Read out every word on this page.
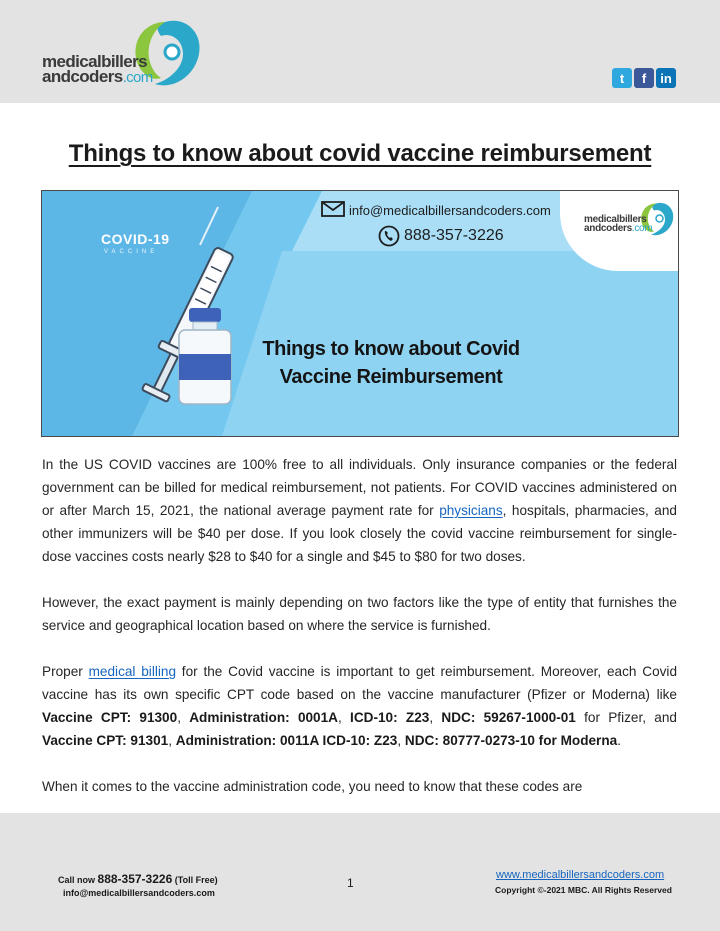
medicalbillers
andcoders.com	t	f	in
Things to know about covid vaccine reimbursement
COVID-19
VACCINE
info@medicalbillersandcoders.com
888-357-3226
Things to know about Covid
Vaccine Reimbursement
medicalbillers
andcoders.com

In the US COVID vaccines are 100% free to all individuals. Only insurance companies or the federal government can be billed for medical reimbursement, not patients. For COVID vaccines administered on or after March 15, 2021, the national average payment rate for physicians, hospitals, pharmacies, and other immunizers will be $40 per dose. If you look closely the covid vaccine reimbursement for single-dose vaccines costs nearly $28 to $40 for a single and $45 to $80 for two doses.

However, the exact payment is mainly depending on two factors like the type of entity that furnishes the service and geographical location based on where the service is furnished.

Proper medical billing for the Covid vaccine is important to get reimbursement. Moreover, each Covid vaccine has its own specific CPT code based on the vaccine manufacturer (Pfizer or Moderna) like Vaccine CPT: 91300, Administration: 0001A, ICD-10: Z23, NDC: 59267-1000-01 for Pfizer, and Vaccine CPT: 91301, Administration: 0011A ICD-10: Z23, NDC: 80777-0273-10 for Moderna.

When it comes to the vaccine administration code, you need to know that these codes are

Call now 888-357-3226 (Toll Free)
info@medicalbillersandcoders.com
1
www.medicalbillersandcoders.com
Copyright ©-2021 MBC. All Rights Reserved
